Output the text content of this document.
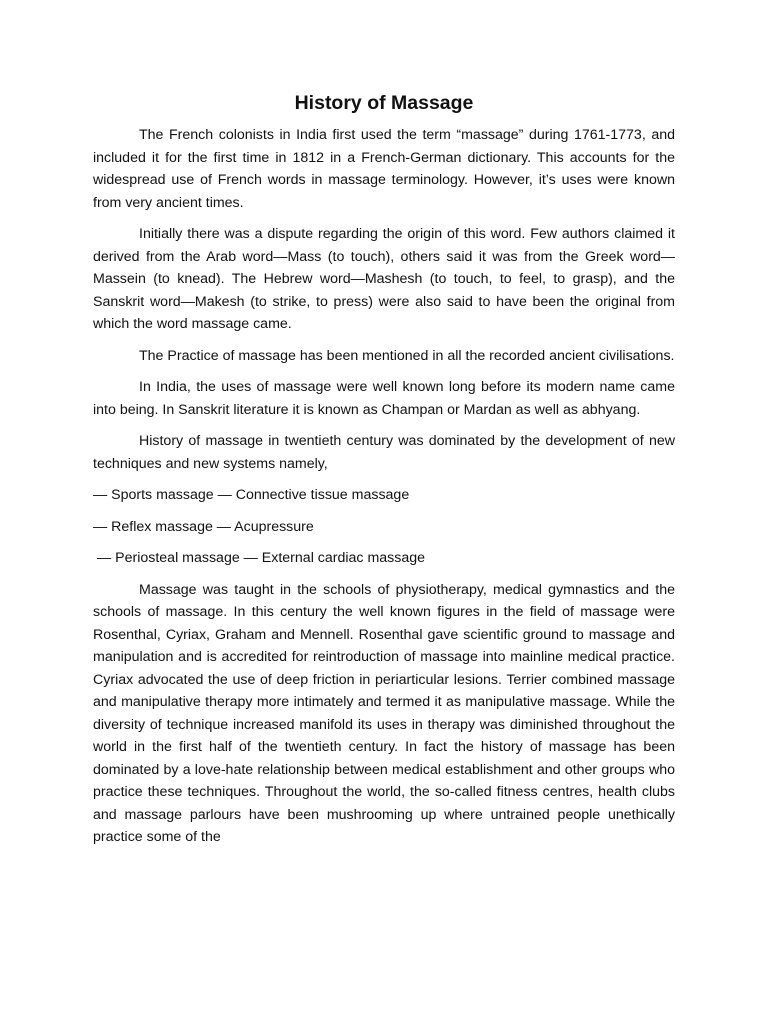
History of Massage

The French colonists in India first used the term “massage” during 1761-1773, and included it for the first time in 1812 in a French-German dictionary. This accounts for the widespread use of French words in massage terminology. However, it’s uses were known from very ancient times.

Initially there was a dispute regarding the origin of this word. Few authors claimed it derived from the Arab word—Mass (to touch), others said it was from the Greek word—Massein (to knead). The Hebrew word—Mashesh (to touch, to feel, to grasp), and the Sanskrit word—Makesh (to strike, to press) were also said to have been the original from which the word massage came.

The Practice of massage has been mentioned in all the recorded ancient civilisations.

In India, the uses of massage were well known long before its modern name came into being. In Sanskrit literature it is known as Champan or Mardan as well as abhyang.

History of massage in twentieth century was dominated by the development of new techniques and new systems namely,

— Sports massage — Connective tissue massage
— Reflex massage — Acupressure
— Periosteal massage — External cardiac massage

Massage was taught in the schools of physiotherapy, medical gymnastics and the schools of massage. In this century the well known figures in the field of massage were Rosenthal, Cyriax, Graham and Mennell. Rosenthal gave scientific ground to massage and manipulation and is accredited for reintroduction of massage into mainline medical practice. Cyriax advocated the use of deep friction in periarticular lesions. Terrier combined massage and manipulative therapy more intimately and termed it as manipulative massage. While the diversity of technique increased manifold its uses in therapy was diminished throughout the world in the first half of the twentieth century. In fact the history of massage has been dominated by a love-hate relationship between medical establishment and other groups who practice these techniques. Throughout the world, the so-called fitness centres, health clubs and massage parlours have been mushrooming up where untrained people unethically practice some of the
